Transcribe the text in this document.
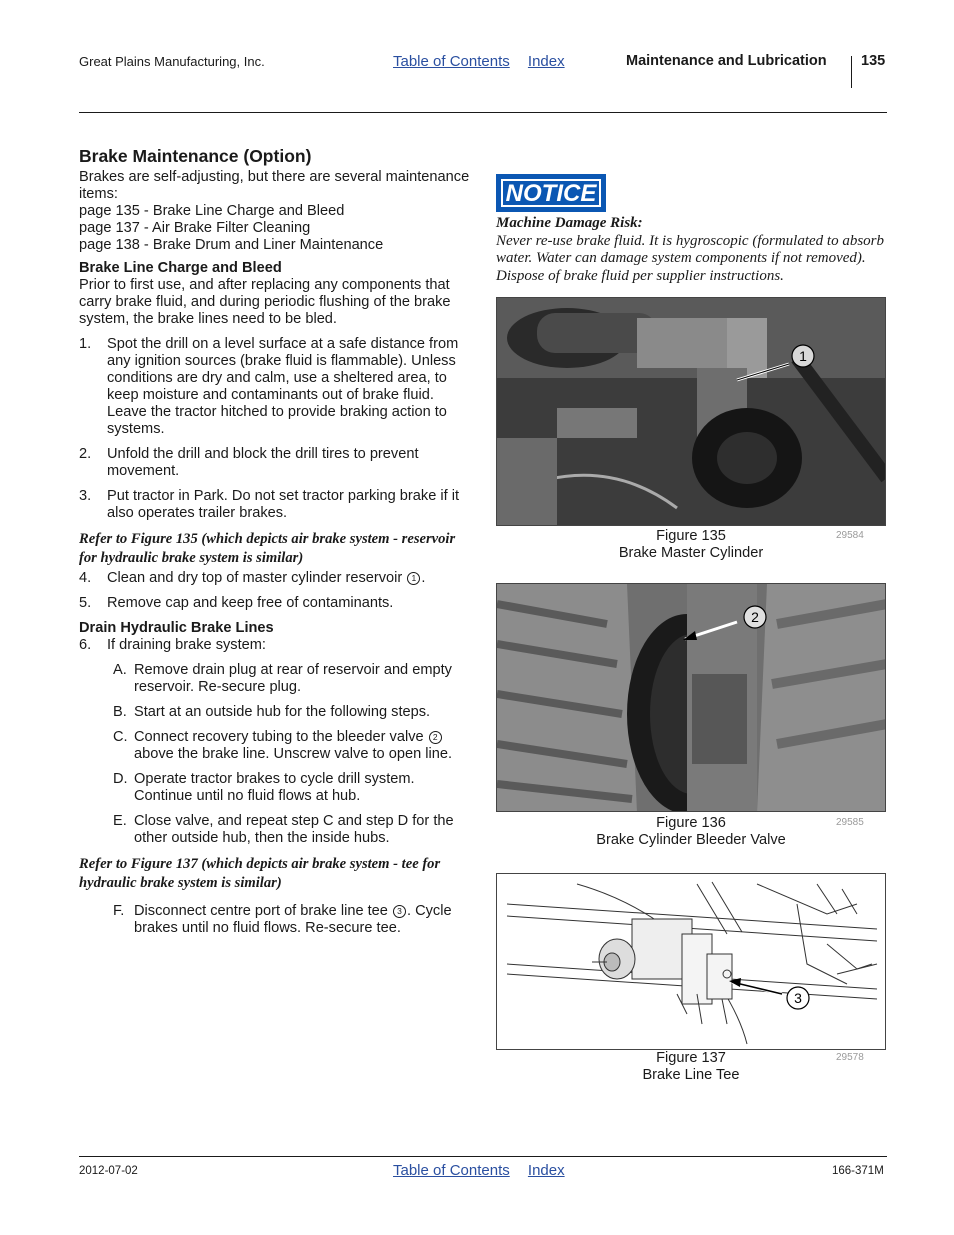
Great Plains Manufacturing, Inc.	Table of Contents Index	Maintenance and Lubrication 135
Brake Maintenance (Option)

Brakes are self-adjusting, but there are several maintenance items:

page 135 - Brake Line Charge and Bleed

page 137 - Air Brake Filter Cleaning

page 138 - Brake Drum and Liner Maintenance

Brake Line Charge and Bleed

Prior to first use, and after replacing any components that carry brake fluid, and during periodic flushing of the brake system, the brake lines need to be bled.

1.	Spot the drill on a level surface at a safe distance from any ignition sources (brake fluid is flammable). Unless conditions are dry and calm, use a sheltered area, to keep moisture and contaminants out of brake fluid. Leave the tractor hitched to provide braking action to systems.
2.	Unfold the drill and block the drill tires to prevent movement.
3.	Put tractor in Park. Do not set tractor parking brake if it also operates trailer brakes.

Refer to Figure 135 (which depicts air brake system - reservoir for hydraulic brake system is similar)

4.	Clean and dry top of master cylinder reservoir 1 .
5.	Remove cap and keep free of contaminants.
Drain Hydraulic Brake Lines
6.	If draining brake system:
A. Remove drain plug at rear of reservoir and empty reservoir. Re-secure plug.
B. Start at an outside hub for the following steps.
C. Connect recovery tubing to the bleeder valve 2 above the brake line. Unscrew valve to open line.
D. Operate tractor brakes to cycle drill system. Continue until no fluid flows at hub.
E. Close valve, and repeat step C and step D for the other outside hub, then the inside hubs.

Refer to Figure 137 (which depicts air brake system - tee for hydraulic brake system is similar)

F. Disconnect centre port of brake line tee 3 . Cycle brakes until no fluid flows. Re-secure tee.
NOTICE
Machine Damage Risk:
Never re-use brake fluid. It is hygroscopic (formulated to absorb water. Water can damage system components if not removed). Dispose of brake fluid per supplier instructions.
1
Figure 135
Brake Master Cylinder
29584
2
Figure 136
Brake Cylinder Bleeder Valve
29585
3
Figure 137
Brake Line Tee
29578
2012-07-02	Table of Contents Index	166-371M
